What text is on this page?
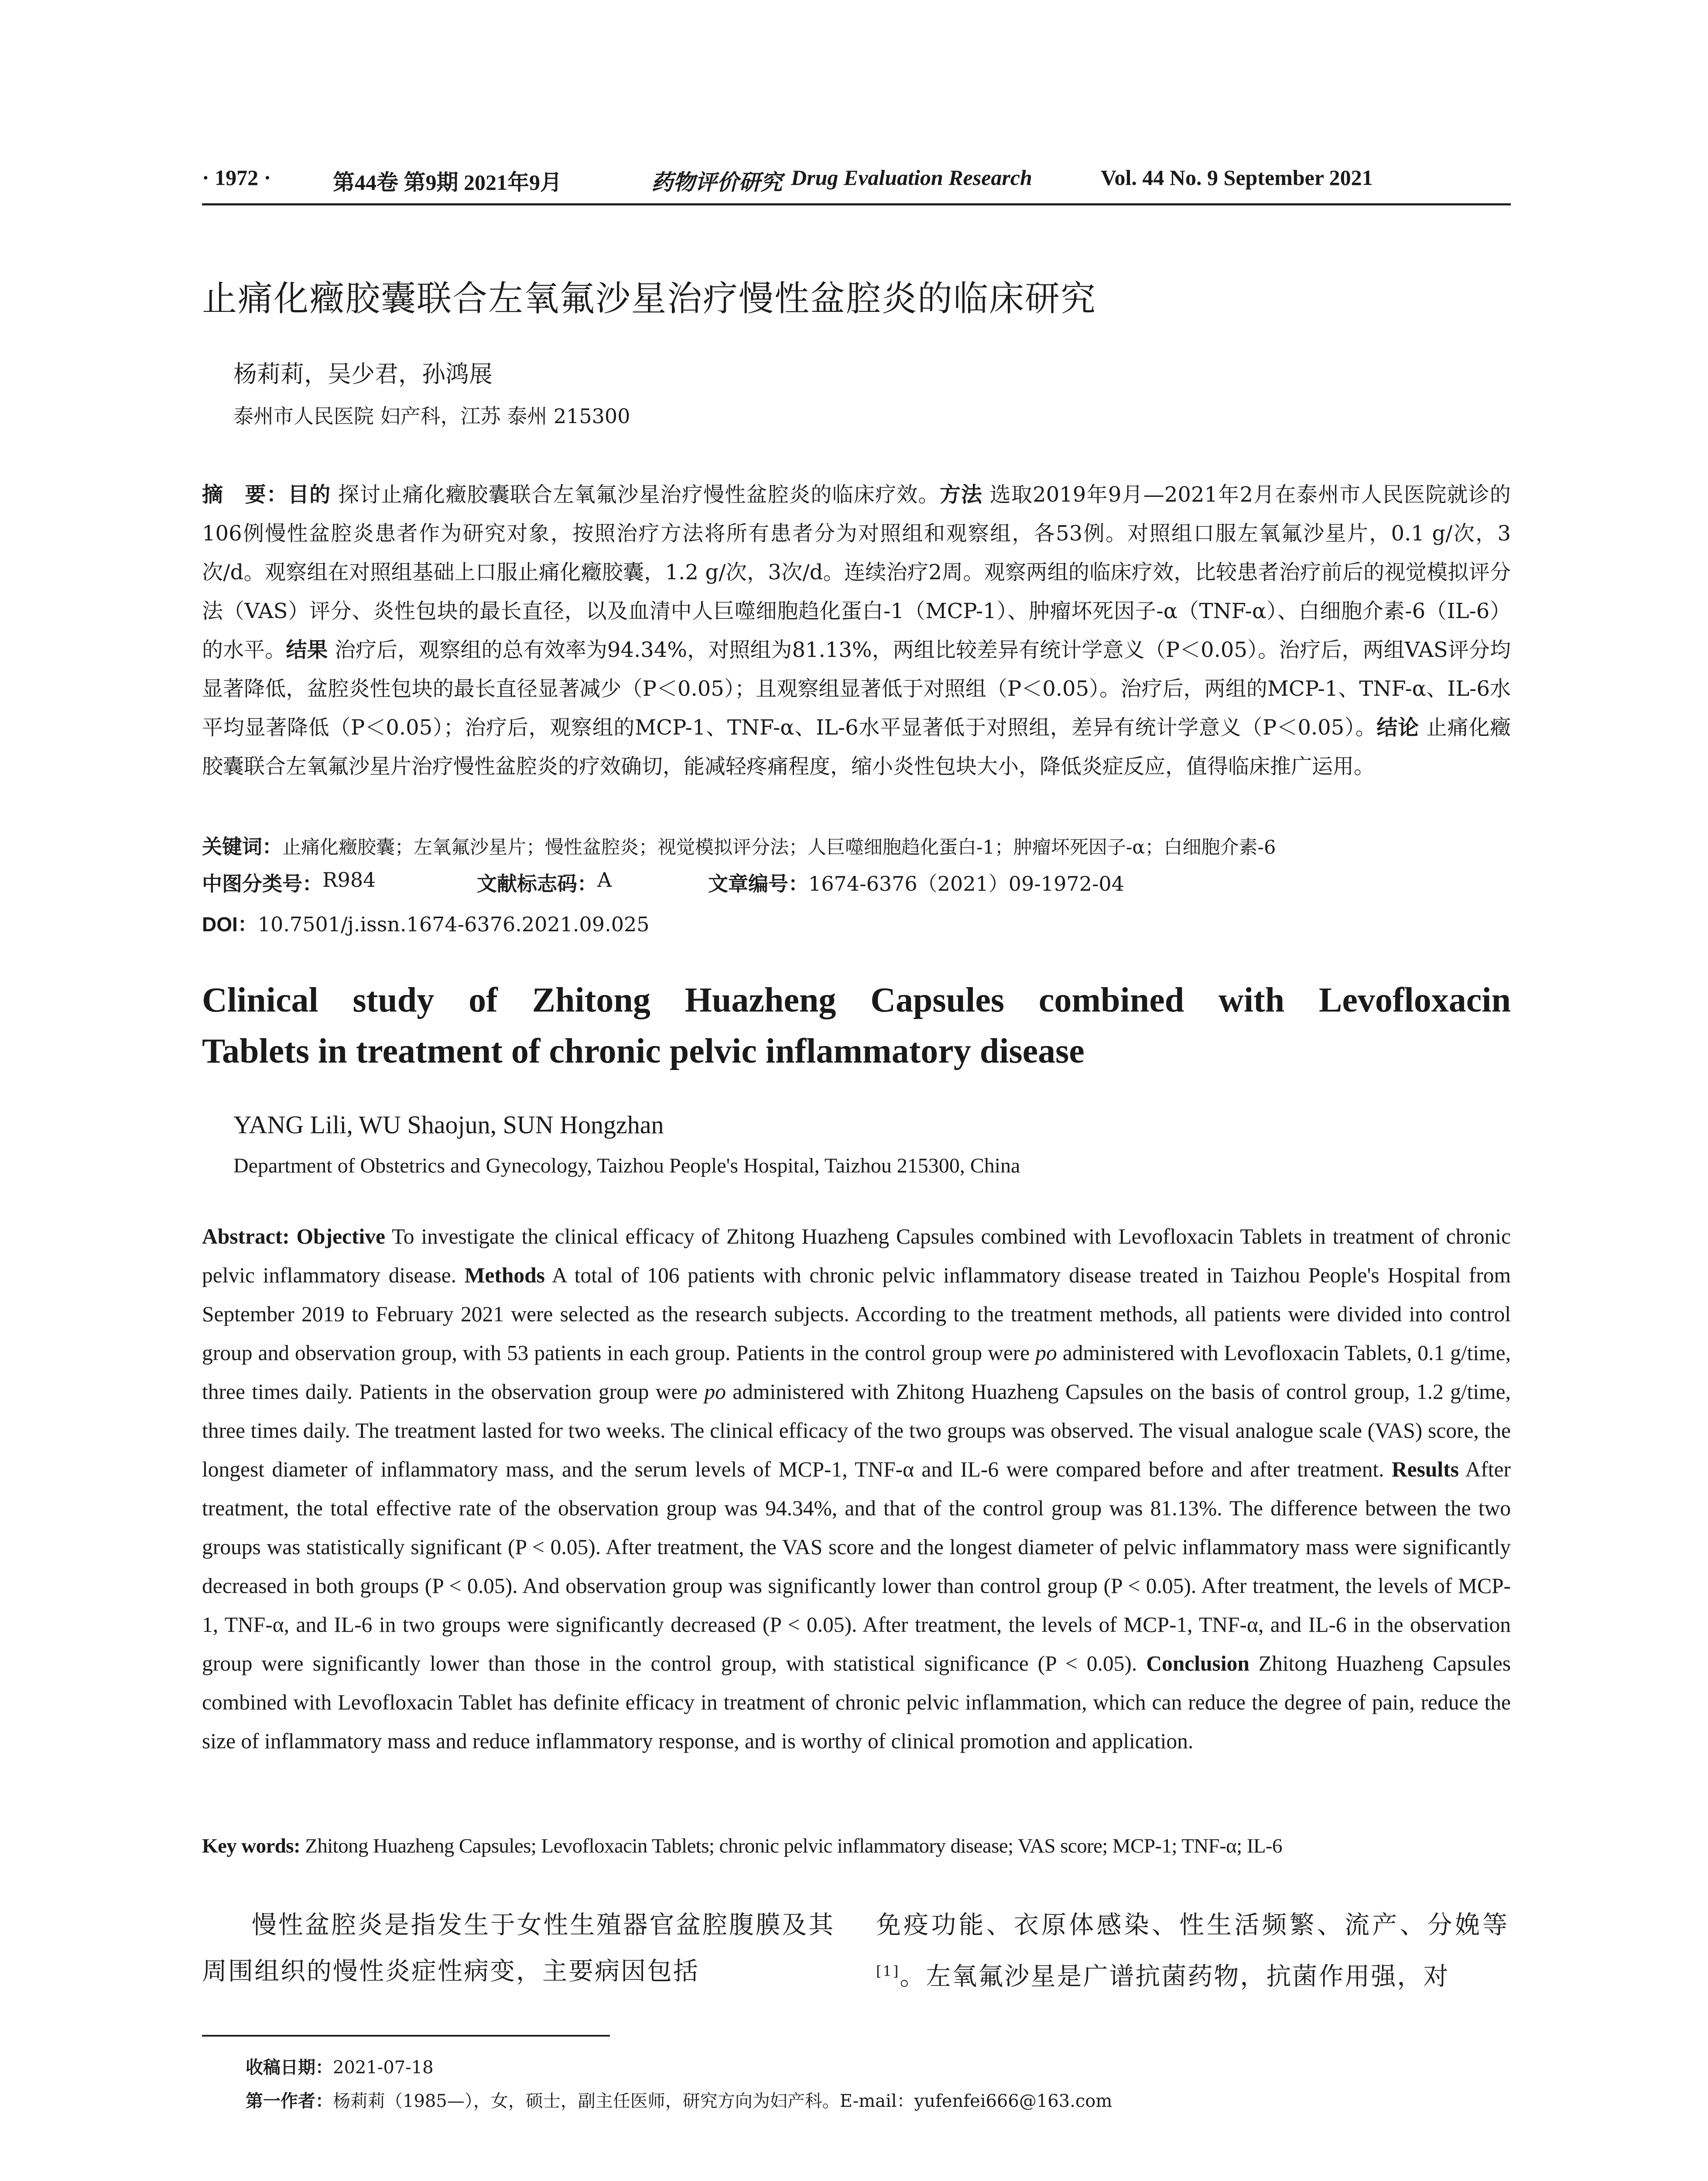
· 1972 ·	第44卷 第9期 2021年9月	药物评价研究 Drug Evaluation Research	Vol. 44 No. 9 September 2021
止痛化癥胶囊联合左氧氟沙星治疗慢性盆腔炎的临床研究
杨莉莉，吴少君，孙鸿展
泰州市人民医院 妇产科，江苏 泰州 215300
摘　要：目的 探讨止痛化癥胶囊联合左氧氟沙星治疗慢性盆腔炎的临床疗效。方法 选取2019年9月—2021年2月在泰州市人民医院就诊的106例慢性盆腔炎患者作为研究对象，按照治疗方法将所有患者分为对照组和观察组，各53例。对照组口服左氧氟沙星片，0.1 g/次，3次/d。观察组在对照组基础上口服止痛化癥胶囊，1.2 g/次，3次/d。连续治疗2周。观察两组的临床疗效，比较患者治疗前后的视觉模拟评分法（VAS）评分、炎性包块的最长直径，以及血清中人巨噬细胞趋化蛋白-1（MCP-1）、肿瘤坏死因子-α（TNF-α）、白细胞介素-6（IL-6）的水平。结果 治疗后，观察组的总有效率为94.34%，对照组为81.13%，两组比较差异有统计学意义（P＜0.05）。治疗后，两组VAS评分均显著降低，盆腔炎性包块的最长直径显著减少（P＜0.05）；且观察组显著低于对照组（P＜0.05）。治疗后，两组的MCP-1、TNF-α、IL-6水平均显著降低（P＜0.05）；治疗后，观察组的MCP-1、TNF-α、IL-6水平显著低于对照组，差异有统计学意义（P＜0.05）。结论 止痛化癥胶囊联合左氧氟沙星片治疗慢性盆腔炎的疗效确切，能减轻疼痛程度，缩小炎性包块大小，降低炎症反应，值得临床推广运用。
关键词：止痛化癥胶囊；左氧氟沙星片；慢性盆腔炎；视觉模拟评分法；人巨噬细胞趋化蛋白-1；肿瘤坏死因子-α；白细胞介素-6
中图分类号： R984	文献标志码： A	文章编号： 1674-6376（2021）09-1972-04
DOI：10.7501/j.issn.1674-6376.2021.09.025
Clinical study of Zhitong Huazheng Capsules combined with Levofloxacin
Tablets in treatment of chronic pelvic inflammatory disease
YANG Lili, WU Shaojun, SUN Hongzhan
Department of Obstetrics and Gynecology, Taizhou People's Hospital, Taizhou 215300, China
Abstract: Objective To investigate the clinical efficacy of Zhitong Huazheng Capsules combined with Levofloxacin Tablets in treatment of chronic pelvic inflammatory disease. Methods A total of 106 patients with chronic pelvic inflammatory disease treated in Taizhou People's Hospital from September 2019 to February 2021 were selected as the research subjects. According to the treatment methods, all patients were divided into control group and observation group, with 53 patients in each group. Patients in the control group were po administered with Levofloxacin Tablets, 0.1 g/time, three times daily. Patients in the observation group were po administered with Zhitong Huazheng Capsules on the basis of control group, 1.2 g/time, three times daily. The treatment lasted for two weeks. The clinical efficacy of the two groups was observed. The visual analogue scale (VAS) score, the longest diameter of inflammatory mass, and the serum levels of MCP-1, TNF-α and IL-6 were compared before and after treatment. Results After treatment, the total effective rate of the observation group was 94.34%, and that of the control group was 81.13%. The difference between the two groups was statistically significant (P < 0.05). After treatment, the VAS score and the longest diameter of pelvic inflammatory mass were significantly decreased in both groups (P < 0.05). And observation group was significantly lower than control group (P < 0.05). After treatment, the levels of MCP-1, TNF-α, and IL-6 in two groups were significantly decreased (P < 0.05). After treatment, the levels of MCP-1, TNF-α, and IL-6 in the observation group were significantly lower than those in the control group, with statistical significance (P < 0.05). Conclusion Zhitong Huazheng Capsules combined with Levofloxacin Tablet has definite efficacy in treatment of chronic pelvic inflammation, which can reduce the degree of pain, reduce the size of inflammatory mass and reduce inflammatory response, and is worthy of clinical promotion and application.
Key words: Zhitong Huazheng Capsules; Levofloxacin Tablets; chronic pelvic inflammatory disease; VAS score; MCP-1; TNF-α; IL-6
慢性盆腔炎是指发生于女性生殖器官盆腔腹膜及其周围组织的慢性炎症性病变，主要病因包括
免疫功能、衣原体感染、性生活频繁、流产、分娩等[1]。左氧氟沙星是广谱抗菌药物，抗菌作用强，对
收稿日期：2021-07-18
第一作者：杨莉莉（1985—），女，硕士，副主任医师，研究方向为妇产科。E-mail：yufenfei666@163.com
